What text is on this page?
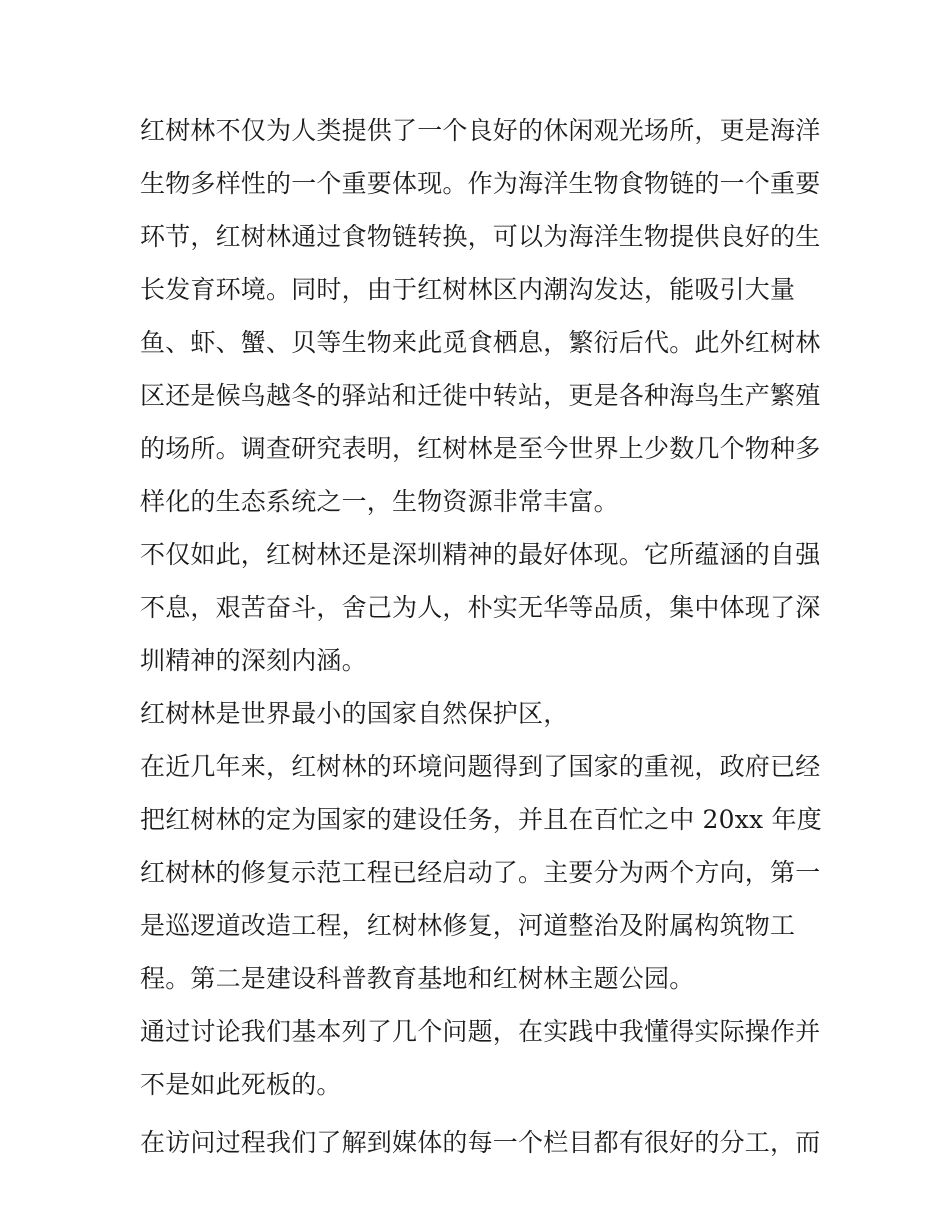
红树林不仅为人类提供了一个良好的休闲观光场所，更是海洋
生物多样性的一个重要体现。作为海洋生物食物链的一个重要
环节，红树林通过食物链转换，可以为海洋生物提供良好的生
长发育环境。同时，由于红树林区内潮沟发达，能吸引大量
鱼、虾、蟹、贝等生物来此觅食栖息，繁衍后代。此外红树林
区还是候鸟越冬的驿站和迁徙中转站，更是各种海鸟生产繁殖
的场所。调查研究表明，红树林是至今世界上少数几个物种多
样化的生态系统之一，生物资源非常丰富。
不仅如此，红树林还是深圳精神的最好体现。它所蕴涵的自强
不息，艰苦奋斗，舍己为人，朴实无华等品质，集中体现了深
圳精神的深刻内涵。
红树林是世界最小的国家自然保护区，
在近几年来，红树林的环境问题得到了国家的重视，政府已经
把红树林的定为国家的建设任务，并且在百忙之中 20xx 年度
红树林的修复示范工程已经启动了。主要分为两个方向，第一
是巡逻道改造工程，红树林修复，河道整治及附属构筑物工
程。第二是建设科普教育基地和红树林主题公园。
通过讨论我们基本列了几个问题，在实践中我懂得实际操作并
不是如此死板的。
在访问过程我们了解到媒体的每一个栏目都有很好的分工，而
